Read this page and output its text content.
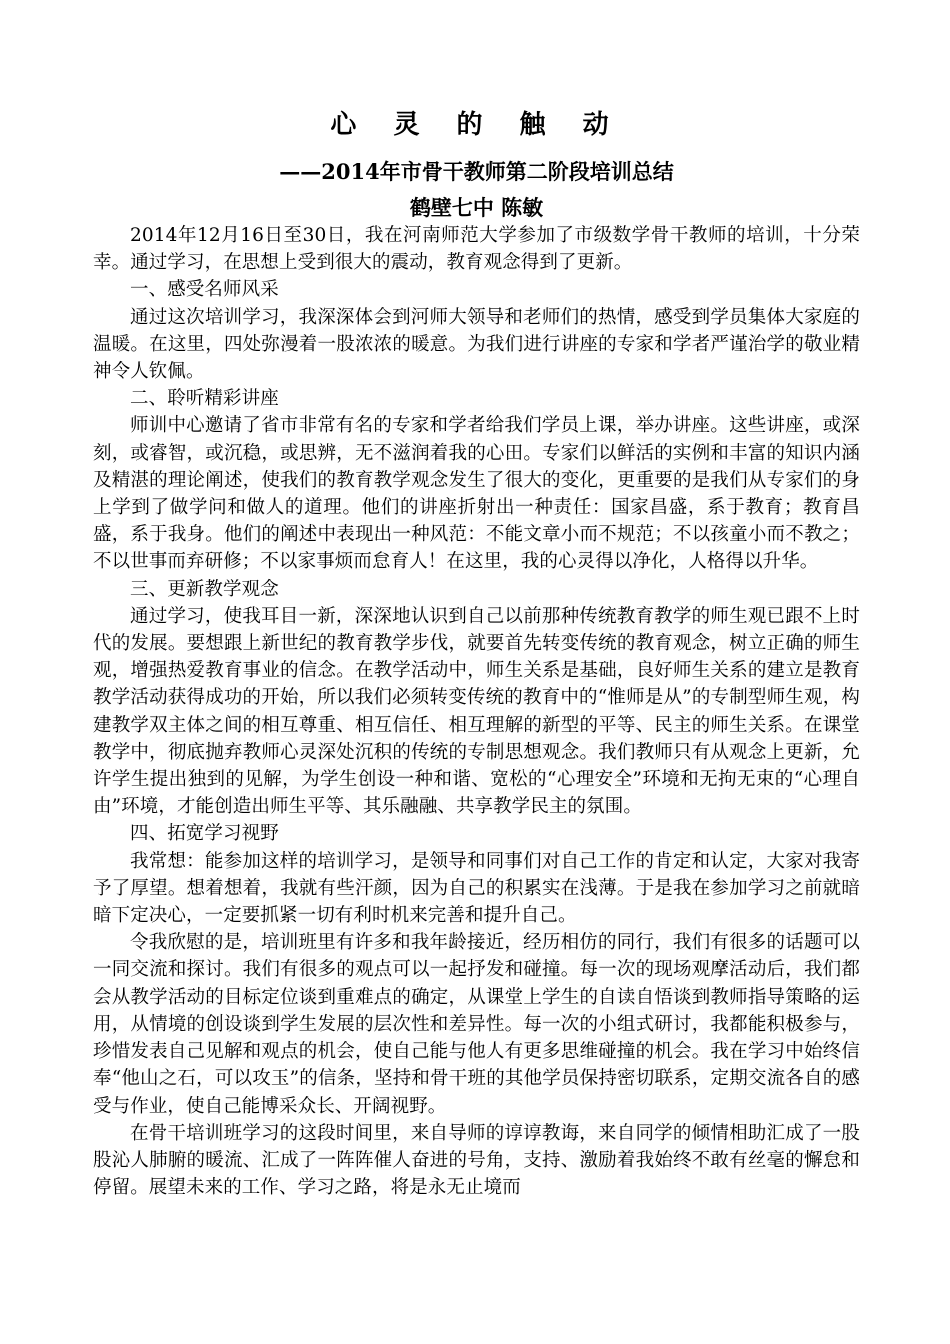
心 灵 的 触 动
——2014年市骨干教师第二阶段培训总结
鹤壁七中 陈敏

2014年12月16日至30日，我在河南师范大学参加了市级数学骨干教师的培训，十分荣幸。通过学习，在思想上受到很大的震动，教育观念得到了更新。

一、感受名师风采

通过这次培训学习，我深深体会到河师大领导和老师们的热情，感受到学员集体大家庭的温暖。在这里，四处弥漫着一股浓浓的暖意。为我们进行讲座的专家和学者严谨治学的敬业精神令人钦佩。

二、聆听精彩讲座

师训中心邀请了省市非常有名的专家和学者给我们学员上课，举办讲座。这些讲座，或深刻，或睿智，或沉稳，或思辨，无不滋润着我的心田。专家们以鲜活的实例和丰富的知识内涵及精湛的理论阐述，使我们的教育教学观念发生了很大的变化，更重要的是我们从专家们的身上学到了做学问和做人的道理。他们的讲座折射出一种责任：国家昌盛，系于教育；教育昌盛，系于我身。他们的阐述中表现出一种风范：不能文章小而不规范；不以孩童小而不教之；不以世事而弃研修；不以家事烦而怠育人！在这里，我的心灵得以净化，人格得以升华。

三、更新教学观念

通过学习，使我耳目一新，深深地认识到自己以前那种传统教育教学的师生观已跟不上时代的发展。要想跟上新世纪的教育教学步伐，就要首先转变传统的教育观念，树立正确的师生观，增强热爱教育事业的信念。在教学活动中，师生关系是基础，良好师生关系的建立是教育教学活动获得成功的开始，所以我们必须转变传统的教育中的“惟师是从”的专制型师生观，构建教学双主体之间的相互尊重、相互信任、相互理解的新型的平等、民主的师生关系。在课堂教学中，彻底抛弃教师心灵深处沉积的传统的专制思想观念。我们教师只有从观念上更新，允许学生提出独到的见解，为学生创设一种和谐、宽松的“心理安全”环境和无拘无束的“心理自由”环境，才能创造出师生平等、其乐融融、共享教学民主的氛围。

四、拓宽学习视野

我常想：能参加这样的培训学习，是领导和同事们对自己工作的肯定和认定，大家对我寄予了厚望。想着想着，我就有些汗颜，因为自己的积累实在浅薄。于是我在参加学习之前就暗暗下定决心，一定要抓紧一切有利时机来完善和提升自己。

令我欣慰的是，培训班里有许多和我年龄接近，经历相仿的同行，我们有很多的话题可以一同交流和探讨。我们有很多的观点可以一起抒发和碰撞。每一次的现场观摩活动后，我们都会从教学活动的目标定位谈到重难点的确定，从课堂上学生的自读自悟谈到教师指导策略的运用，从情境的创设谈到学生发展的层次性和差异性。每一次的小组式研讨，我都能积极参与，珍惜发表自己见解和观点的机会，使自己能与他人有更多思维碰撞的机会。我在学习中始终信奉“他山之石，可以攻玉”的信条，坚持和骨干班的其他学员保持密切联系，定期交流各自的感受与作业，使自己能博采众长、开阔视野。

在骨干培训班学习的这段时间里，来自导师的谆谆教诲，来自同学的倾情相助汇成了一股股沁人肺腑的暖流、汇成了一阵阵催人奋进的号角，支持、激励着我始终不敢有丝毫的懈怠和停留。展望未来的工作、学习之路，将是永无止境而
